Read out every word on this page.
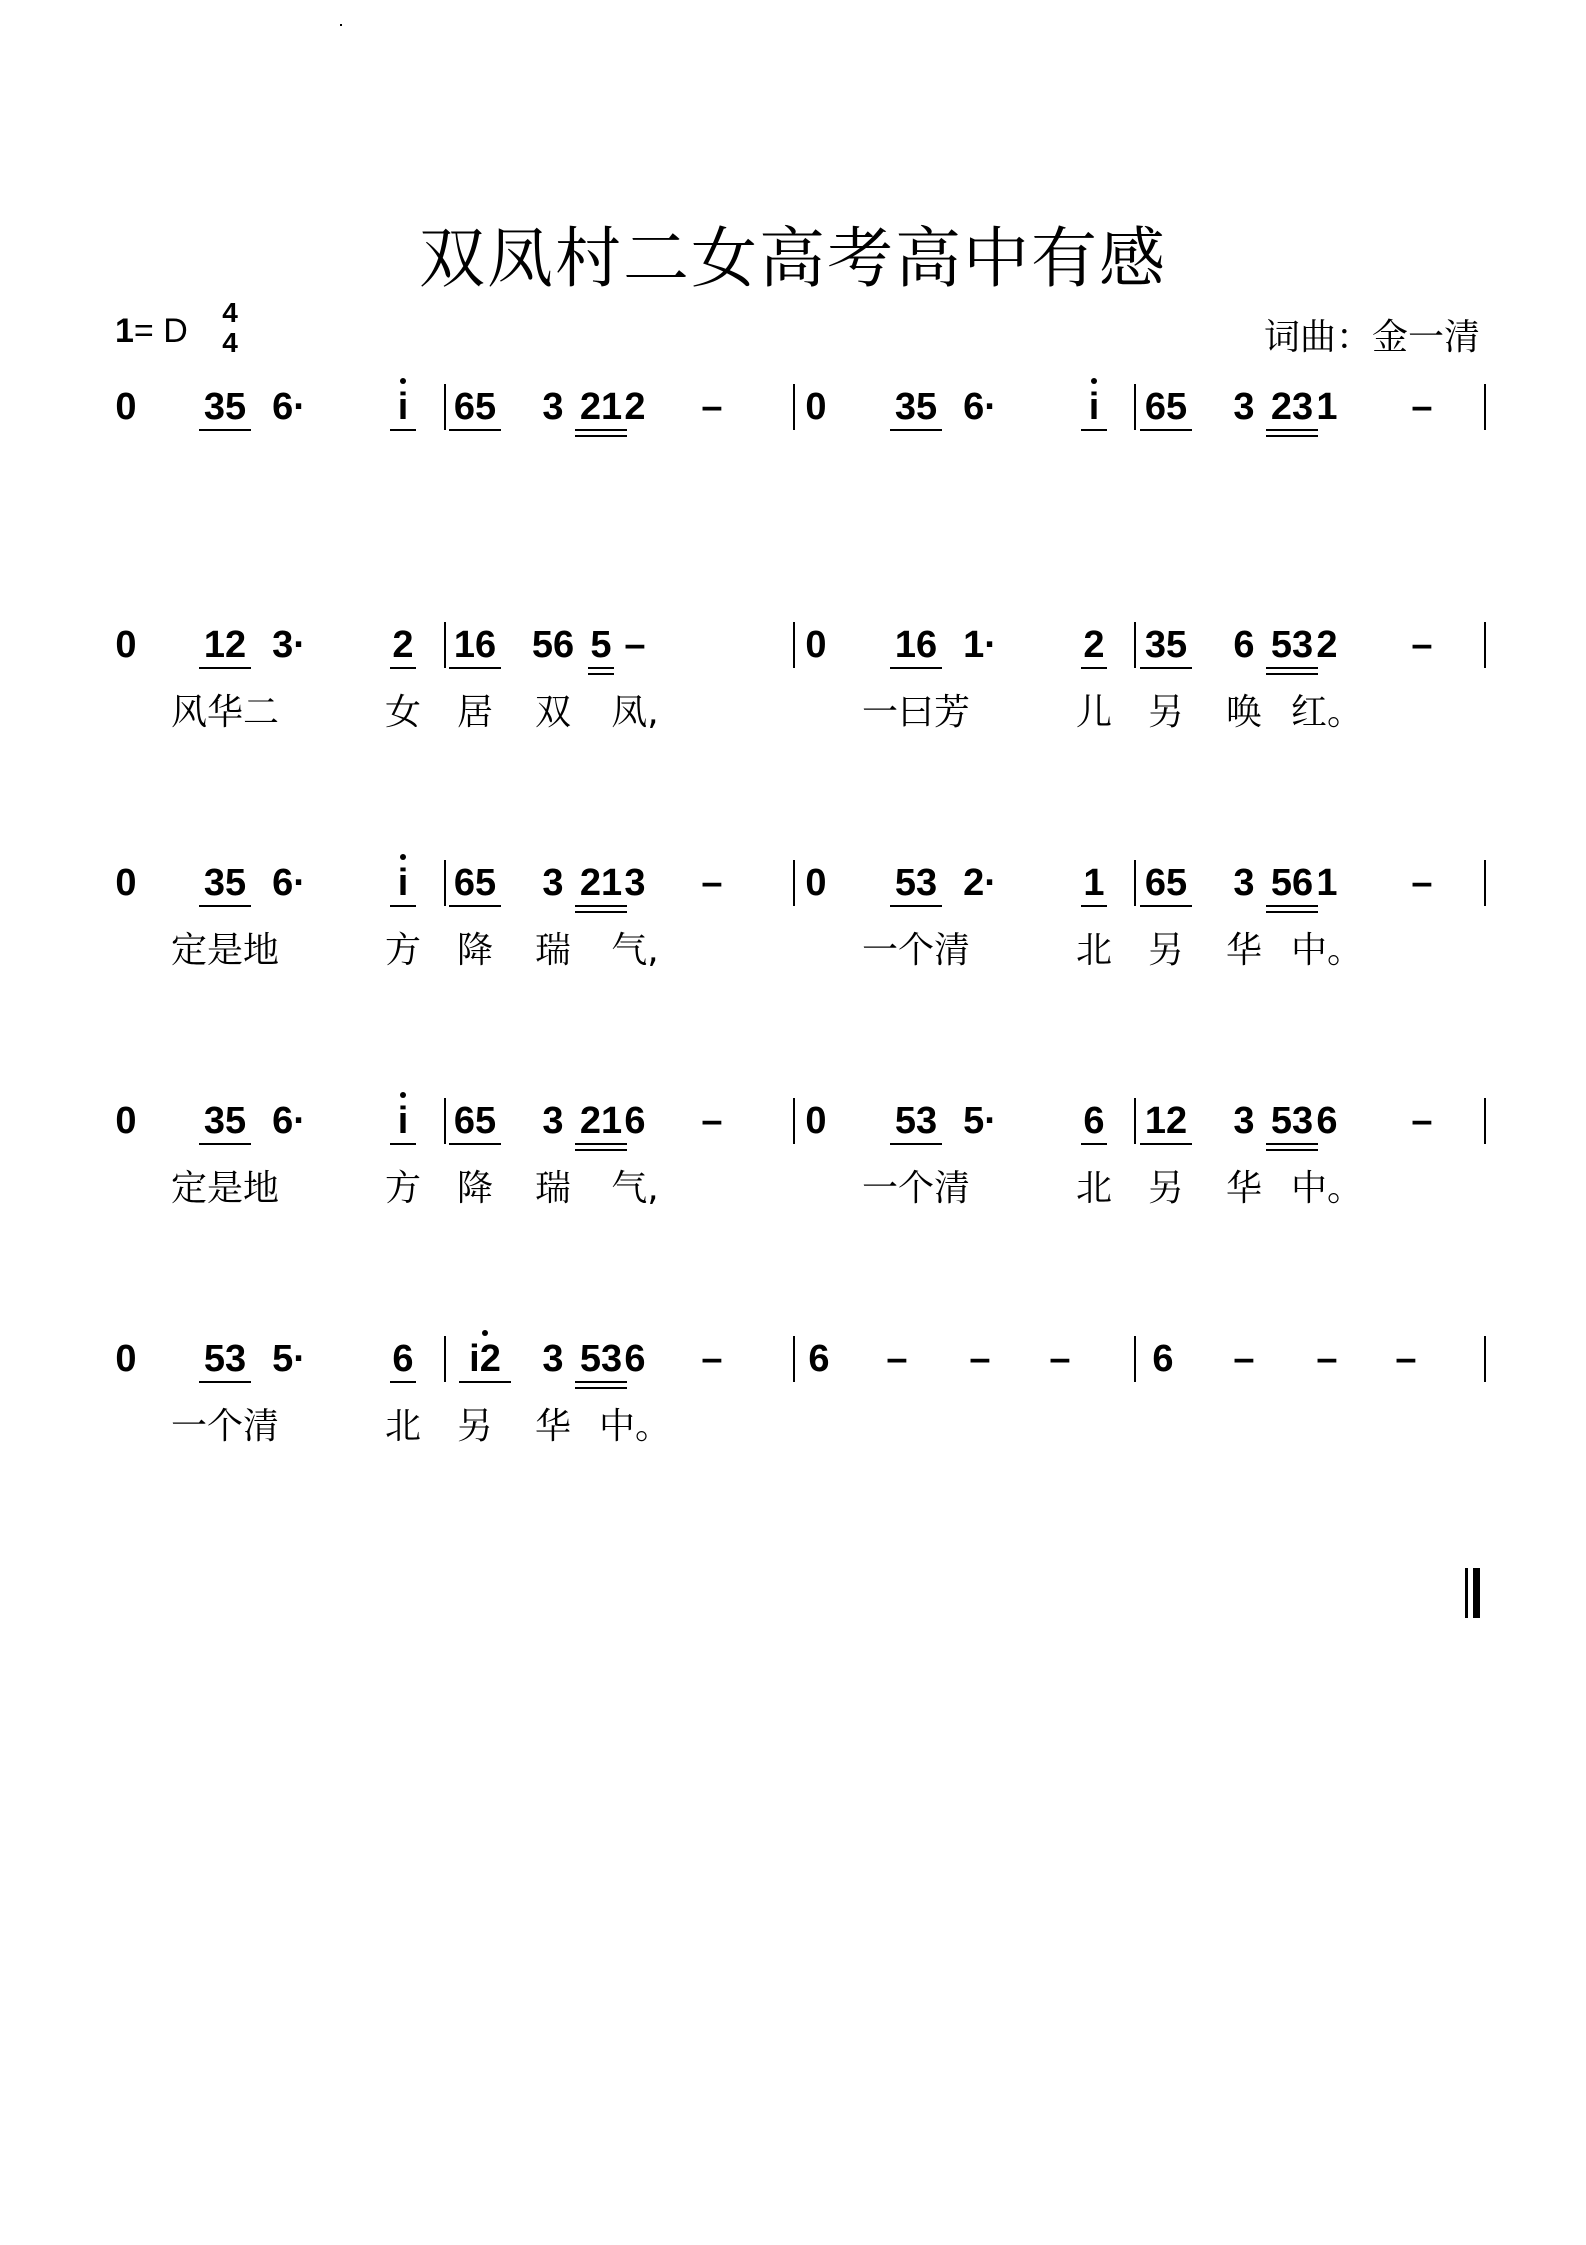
双凤村二女高考高中有感
1= D 4
4	词曲：金一清
0 35 6· i 65 3 21 2 – 0 35 6· i 65 3 23 1 –
0 12 3· 2 16 56 5 –	0 16 1· 2 35 6 53 2 –
风华二	女 居 双 凤,	一曰芳	儿 另 唤 红。
0 35 6· i 65 3 21 3 – 0 53 2· 1 65 3 56 1 –
定是地	方 降 瑞 气,	一个清	北 另 华 中。
0 35 6· i 65 3 21 6 – 0 53 5· 6 12 3 53 6 –
定是地	方 降 瑞 气,	一个清	北 另 华 中。
0 53 5· 6 i2 3 53 6 – 6 – – – 6 – – –
一个清	北 另 华 中。
